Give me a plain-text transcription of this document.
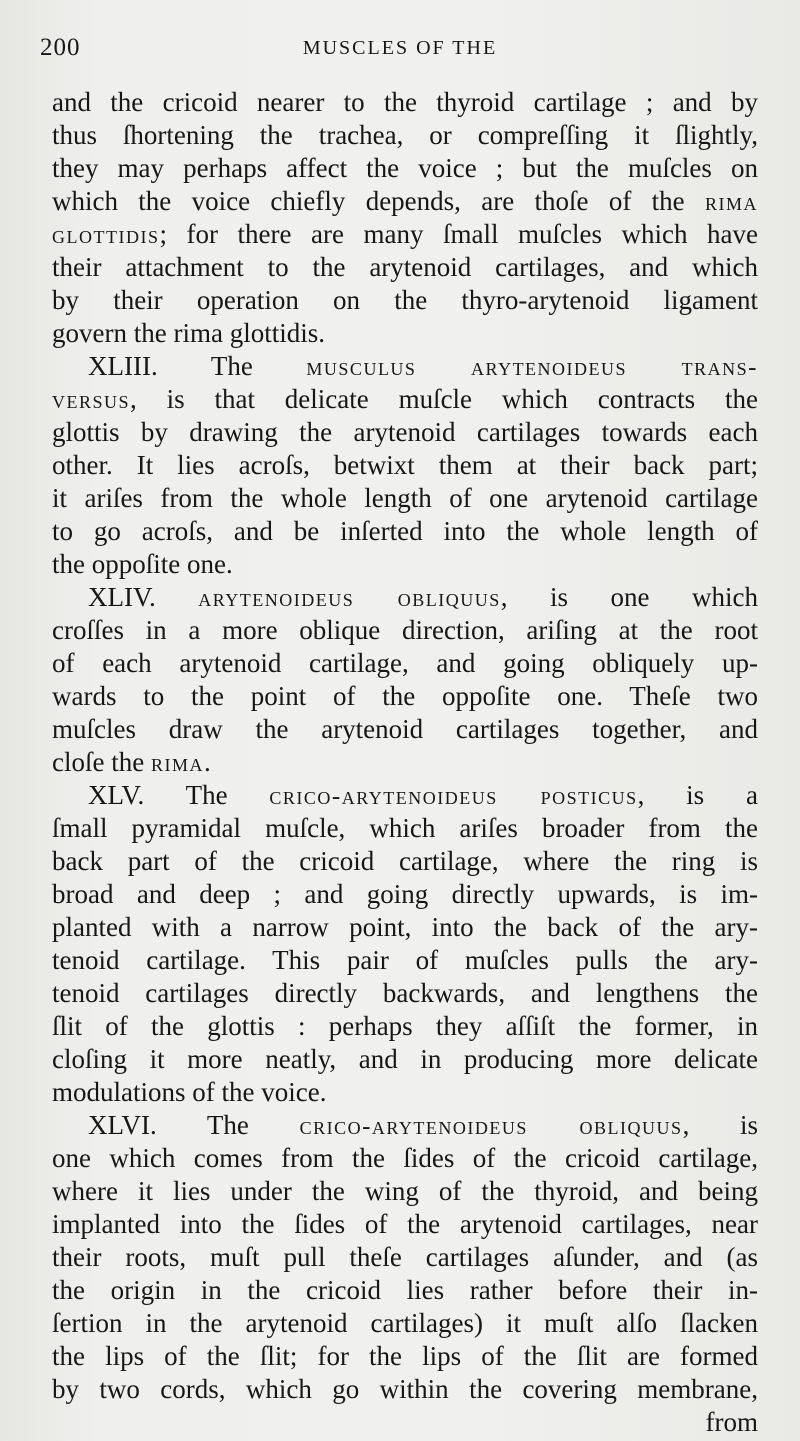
200	MUSCLES OF THE
and the cricoid nearer to the thyroid cartilage ; and by
thus ſhortening the trachea, or compreſſing it ſlightly,
they may perhaps affect the voice ; but the muſcles on
which the voice chiefly depends, are thoſe of the rima
glottidis; for there are many ſmall muſcles which have
their attachment to the arytenoid cartilages, and which
by their operation on the thyro-arytenoid ligament
govern the rima glottidis.
XLIII. The musculus arytenoideus trans-
versus, is that delicate muſcle which contracts the
glottis by drawing the arytenoid cartilages towards each
other. It lies acroſs, betwixt them at their back part;
it ariſes from the whole length of one arytenoid cartilage
to go acroſs, and be inſerted into the whole length of
the oppoſite one.
XLIV. arytenoideus obliquus, is one which
croſſes in a more oblique direction, ariſing at the root
of each arytenoid cartilage, and going obliquely up-
wards to the point of the oppoſite one. Theſe two
muſcles draw the arytenoid cartilages together, and
cloſe the rima.
XLV. The crico-arytenoideus posticus, is a
ſmall pyramidal muſcle, which ariſes broader from the
back part of the cricoid cartilage, where the ring is
broad and deep ; and going directly upwards, is im-
planted with a narrow point, into the back of the ary-
tenoid cartilage. This pair of muſcles pulls the ary-
tenoid cartilages directly backwards, and lengthens the
ſlit of the glottis : perhaps they aſſiſt the former, in
cloſing it more neatly, and in producing more delicate
modulations of the voice.
XLVI. The crico-arytenoideus obliquus, is
one which comes from the ſides of the cricoid cartilage,
where it lies under the wing of the thyroid, and being
implanted into the ſides of the arytenoid cartilages, near
their roots, muſt pull theſe cartilages aſunder, and (as
the origin in the cricoid lies rather before their in-
ſertion in the arytenoid cartilages) it muſt alſo ſlacken
the lips of the ſlit; for the lips of the ſlit are formed
by two cords, which go within the covering membrane,
from
